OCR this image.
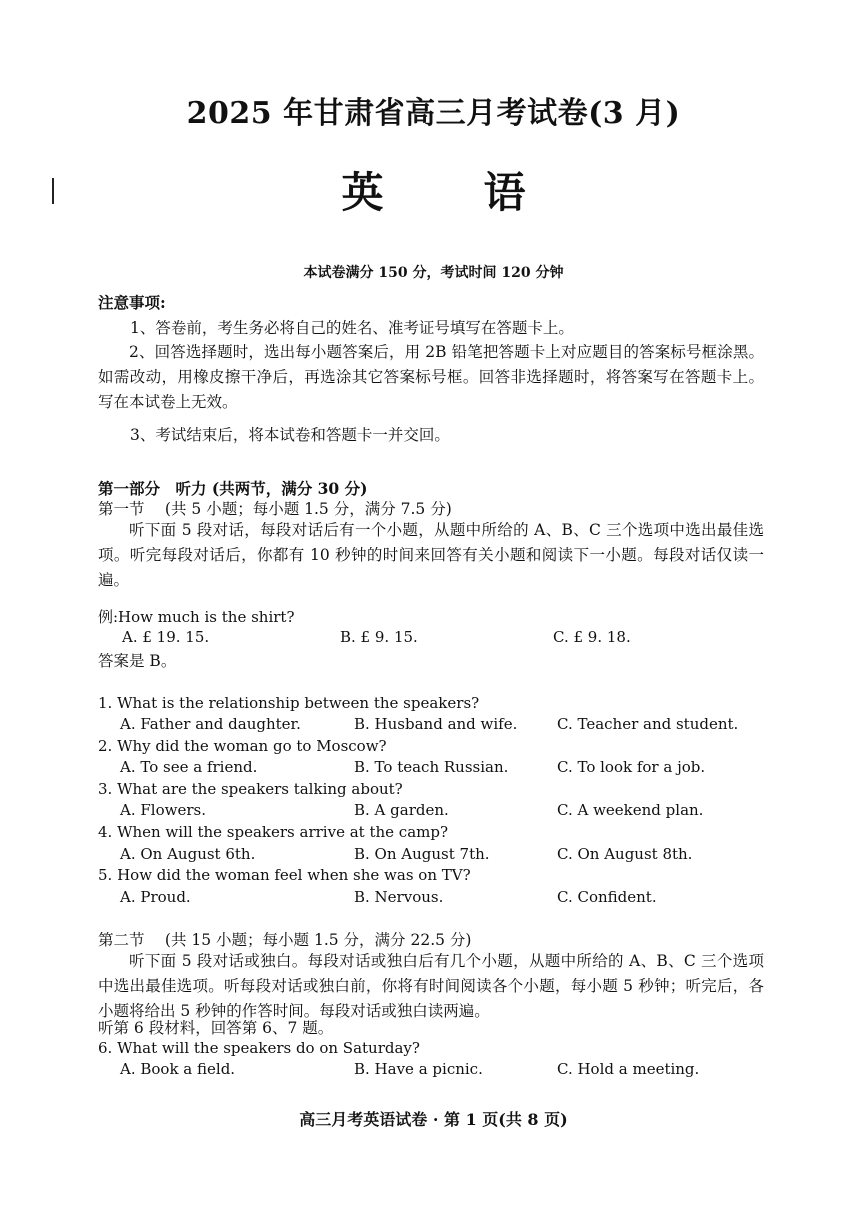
2025 年甘肃省高三月考试卷(3 月)
英语
本试卷满分 150 分，考试时间 120 分钟
注意事项:
1、答卷前，考生务必将自己的姓名、准考证号填写在答题卡上。
2、回答选择题时，选出每小题答案后，用 2B 铅笔把答题卡上对应题目的答案标号框涂黑。如需改动，用橡皮擦干净后，再选涂其它答案标号框。回答非选择题时，将答案写在答题卡上。写在本试卷上无效。
3、考试结束后，将本试卷和答题卡一并交回。
第一部分　听力 (共两节，满分 30 分)
第一节　 (共 5 小题；每小题 1.5 分，满分 7.5 分)
听下面 5 段对话，每段对话后有一个小题，从题中所给的 A、B、C 三个选项中选出最佳选项。听完每段对话后，你都有 10 秒钟的时间来回答有关小题和阅读下一小题。每段对话仅读一遍。
例:How much is the shirt?
A. £ 19. 15.	B. £ 9. 15.	C. £ 9. 18.
答案是 B。
1. What is the relationship between the speakers?
A. Father and daughter.	B. Husband and wife.	C. Teacher and student.
2. Why did the woman go to Moscow?
A. To see a friend.	B. To teach Russian.	C. To look for a job.
3. What are the speakers talking about?
A. Flowers.	B. A garden.	C. A weekend plan.
4. When will the speakers arrive at the camp?
A. On August 6th.	B. On August 7th.	C. On August 8th.
5. How did the woman feel when she was on TV?
A. Proud.	B. Nervous.	C. Confident.
第二节　 (共 15 小题；每小题 1.5 分，满分 22.5 分)
听下面 5 段对话或独白。每段对话或独白后有几个小题，从题中所给的 A、B、C 三个选项中选出最佳选项。听每段对话或独白前，你将有时间阅读各个小题，每小题 5 秒钟；听完后，各小题将给出 5 秒钟的作答时间。每段对话或独白读两遍。
听第 6 段材料，回答第 6、7 题。
6. What will the speakers do on Saturday?
A. Book a field.	B. Have a picnic.	C. Hold a meeting.
高三月考英语试卷 · 第 1 页(共 8 页)
